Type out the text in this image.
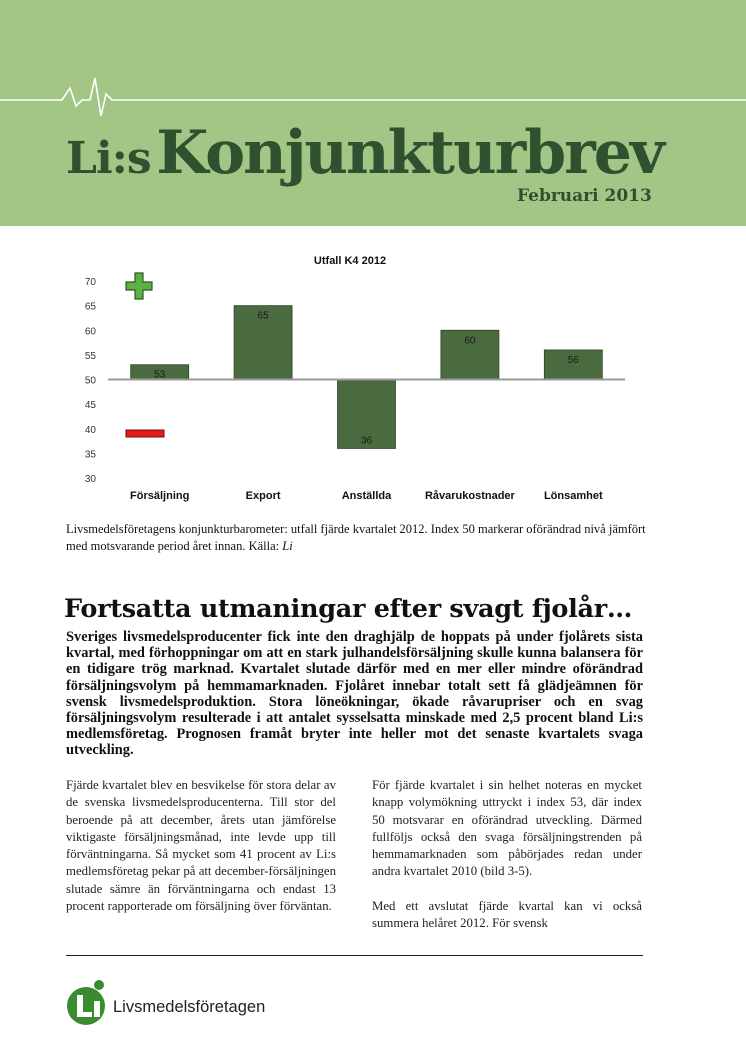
Li:s Konjunkturbrev
Februari 2013
Utfall K4 2012
30
35
40
45
50
55
60
65
70
53
65
36
60
56
Försäljning	Export	Anställda	Råvarukostnader	Lönsamhet
Livsmedelsföretagens konjunkturbarometer: utfall fjärde kvartalet 2012. Index 50 markerar oförändrad nivå jämfört med motsvarande period året innan. Källa: Li
Fortsatta utmaningar efter svagt fjolår…
Sveriges livsmedelsproducenter fick inte den draghjälp de hoppats på under fjolårets sista kvartal, med förhoppningar om att en stark julhandelsförsäljning skulle kunna balansera för en tidigare trög marknad. Kvartalet slutade därför med en mer eller mindre oförändrad försäljningsvolym på hemmamarknaden. Fjolåret innebar totalt sett få glädjeämnen för svensk livsmedelsproduktion. Stora löneökningar, ökade råvarupriser och en svag försäljningsvolym resulterade i att antalet sysselsatta minskade med 2,5 procent bland Li:s medlemsföretag. Prognosen framåt bryter inte heller mot det senaste kvartalets svaga utveckling.

Fjärde kvartalet blev en besvikelse för stora delar av de svenska livsmedelsproducenterna. Till stor del beroende på att december, årets utan jämförelse viktigaste försäljningsmånad, inte levde upp till förväntningarna. Så mycket som 41 procent av Li:s medlemsföretag pekar på att december-försäljningen slutade sämre än förväntningarna och endast 13 procent rapporterade om försäljning över förväntan.

För fjärde kvartalet i sin helhet noteras en mycket knapp volymökning uttryckt i index 53, där index 50 motsvarar en oförändrad utveckling. Därmed fullföljs också den svaga försäljningstrenden på hemmamarknaden som påbörjades redan under andra kvartalet 2010 (bild 3-5).

Med ett avslutat fjärde kvartal kan vi också summera helåret 2012. För svensk

Livsmedelsföretagen
